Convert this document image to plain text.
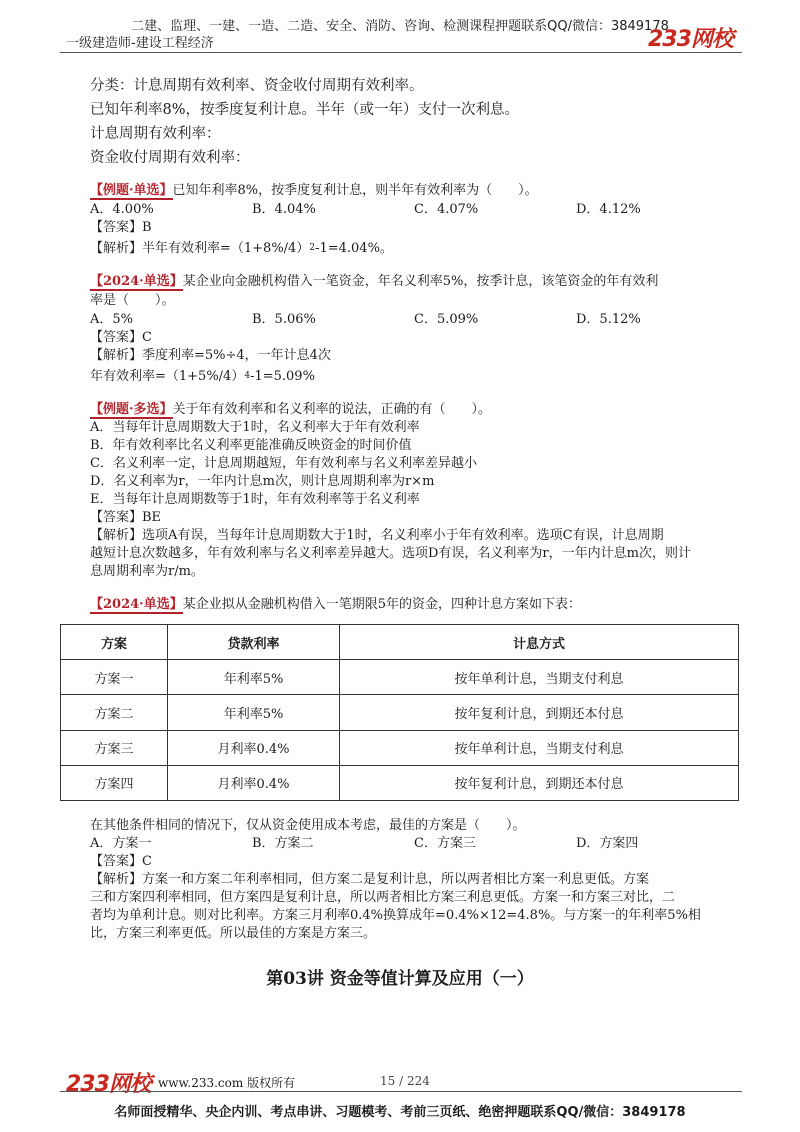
二建、监理、一建、一造、二造、安全、消防、咨询、检测课程押题联系QQ/微信：3849178
一级建造师-建设工程经济	233网校
分类：计息周期有效利率、资金收付周期有效利率。
已知年利率8%，按季度复利计息。半年（或一年）支付一次利息。
计息周期有效利率：
资金收付周期有效利率：
【例题·单选】已知年利率8%，按季度复利计息，则半年有效利率为（　　）。
A．4.00%	B．4.04%	C．4.07%	D．4.12%
【答案】B
【解析】半年有效利率$=(1+8\%/4)^2-1=4.04\%$。
【2024·单选】某企业向金融机构借入一笔资金，年名义利率5%，按季计息，该笔资金的年有效利
率是（　　）。
A．5%	B．5.06%	C．5.09%	D．5.12%
【答案】C
【解析】季度利率=5%÷4，一年计息4次
年有效利率$=(1+5\%/4)^4-1=5.09\%$
【例题·多选】关于年有效利率和名义利率的说法，正确的有（　　）。
A．当每年计息周期数大于1时，名义利率大于年有效利率
B．年有效利率比名义利率更能准确反映资金的时间价值
C．名义利率一定，计息周期越短，年有效利率与名义利率差异越小
D．名义利率为r，一年内计息m次，则计息周期利率为r×m
E．当每年计息周期数等于1时，年有效利率等于名义利率
【答案】BE
【解析】选项A有误，当每年计息周期数大于1时，名义利率小于年有效利率。选项C有误，计息周期
越短计息次数越多，年有效利率与名义利率差异越大。选项D有误，名义利率为r，一年内计息m次，则计
息周期利率为r/m。
【2024·单选】某企业拟从金融机构借入一笔期限5年的资金，四种计息方案如下表：
方案	贷款利率	计息方式
方案一	年利率5%	按年单利计息，当期支付利息
方案二	年利率5%	按年复利计息，到期还本付息
方案三	月利率0.4%	按年单利计息，当期支付利息
方案四	月利率0.4%	按年复利计息，到期还本付息
在其他条件相同的情况下，仅从资金使用成本考虑，最佳的方案是（　　）。
A．方案一	B．方案二	C．方案三	D．方案四
【答案】C
【解析】方案一和方案二年利率相同，但方案二是复利计息，所以两者相比方案一利息更低。方案
三和方案四利率相同，但方案四是复利计息，所以两者相比方案三利息更低。方案一和方案三对比，二
者均为单利计息。则对比利率。方案三月利率0.4%换算成年=0.4%×12=4.8%。与方案一的年利率5%相
比，方案三利率更低。所以最佳的方案是方案三。
第03讲 资金等值计算及应用（一）
233网校 www.233.com 版权所有	15 / 224
名师面授精华、央企内训、考点串讲、习题模考、考前三页纸、绝密押题联系QQ/微信：3849178
